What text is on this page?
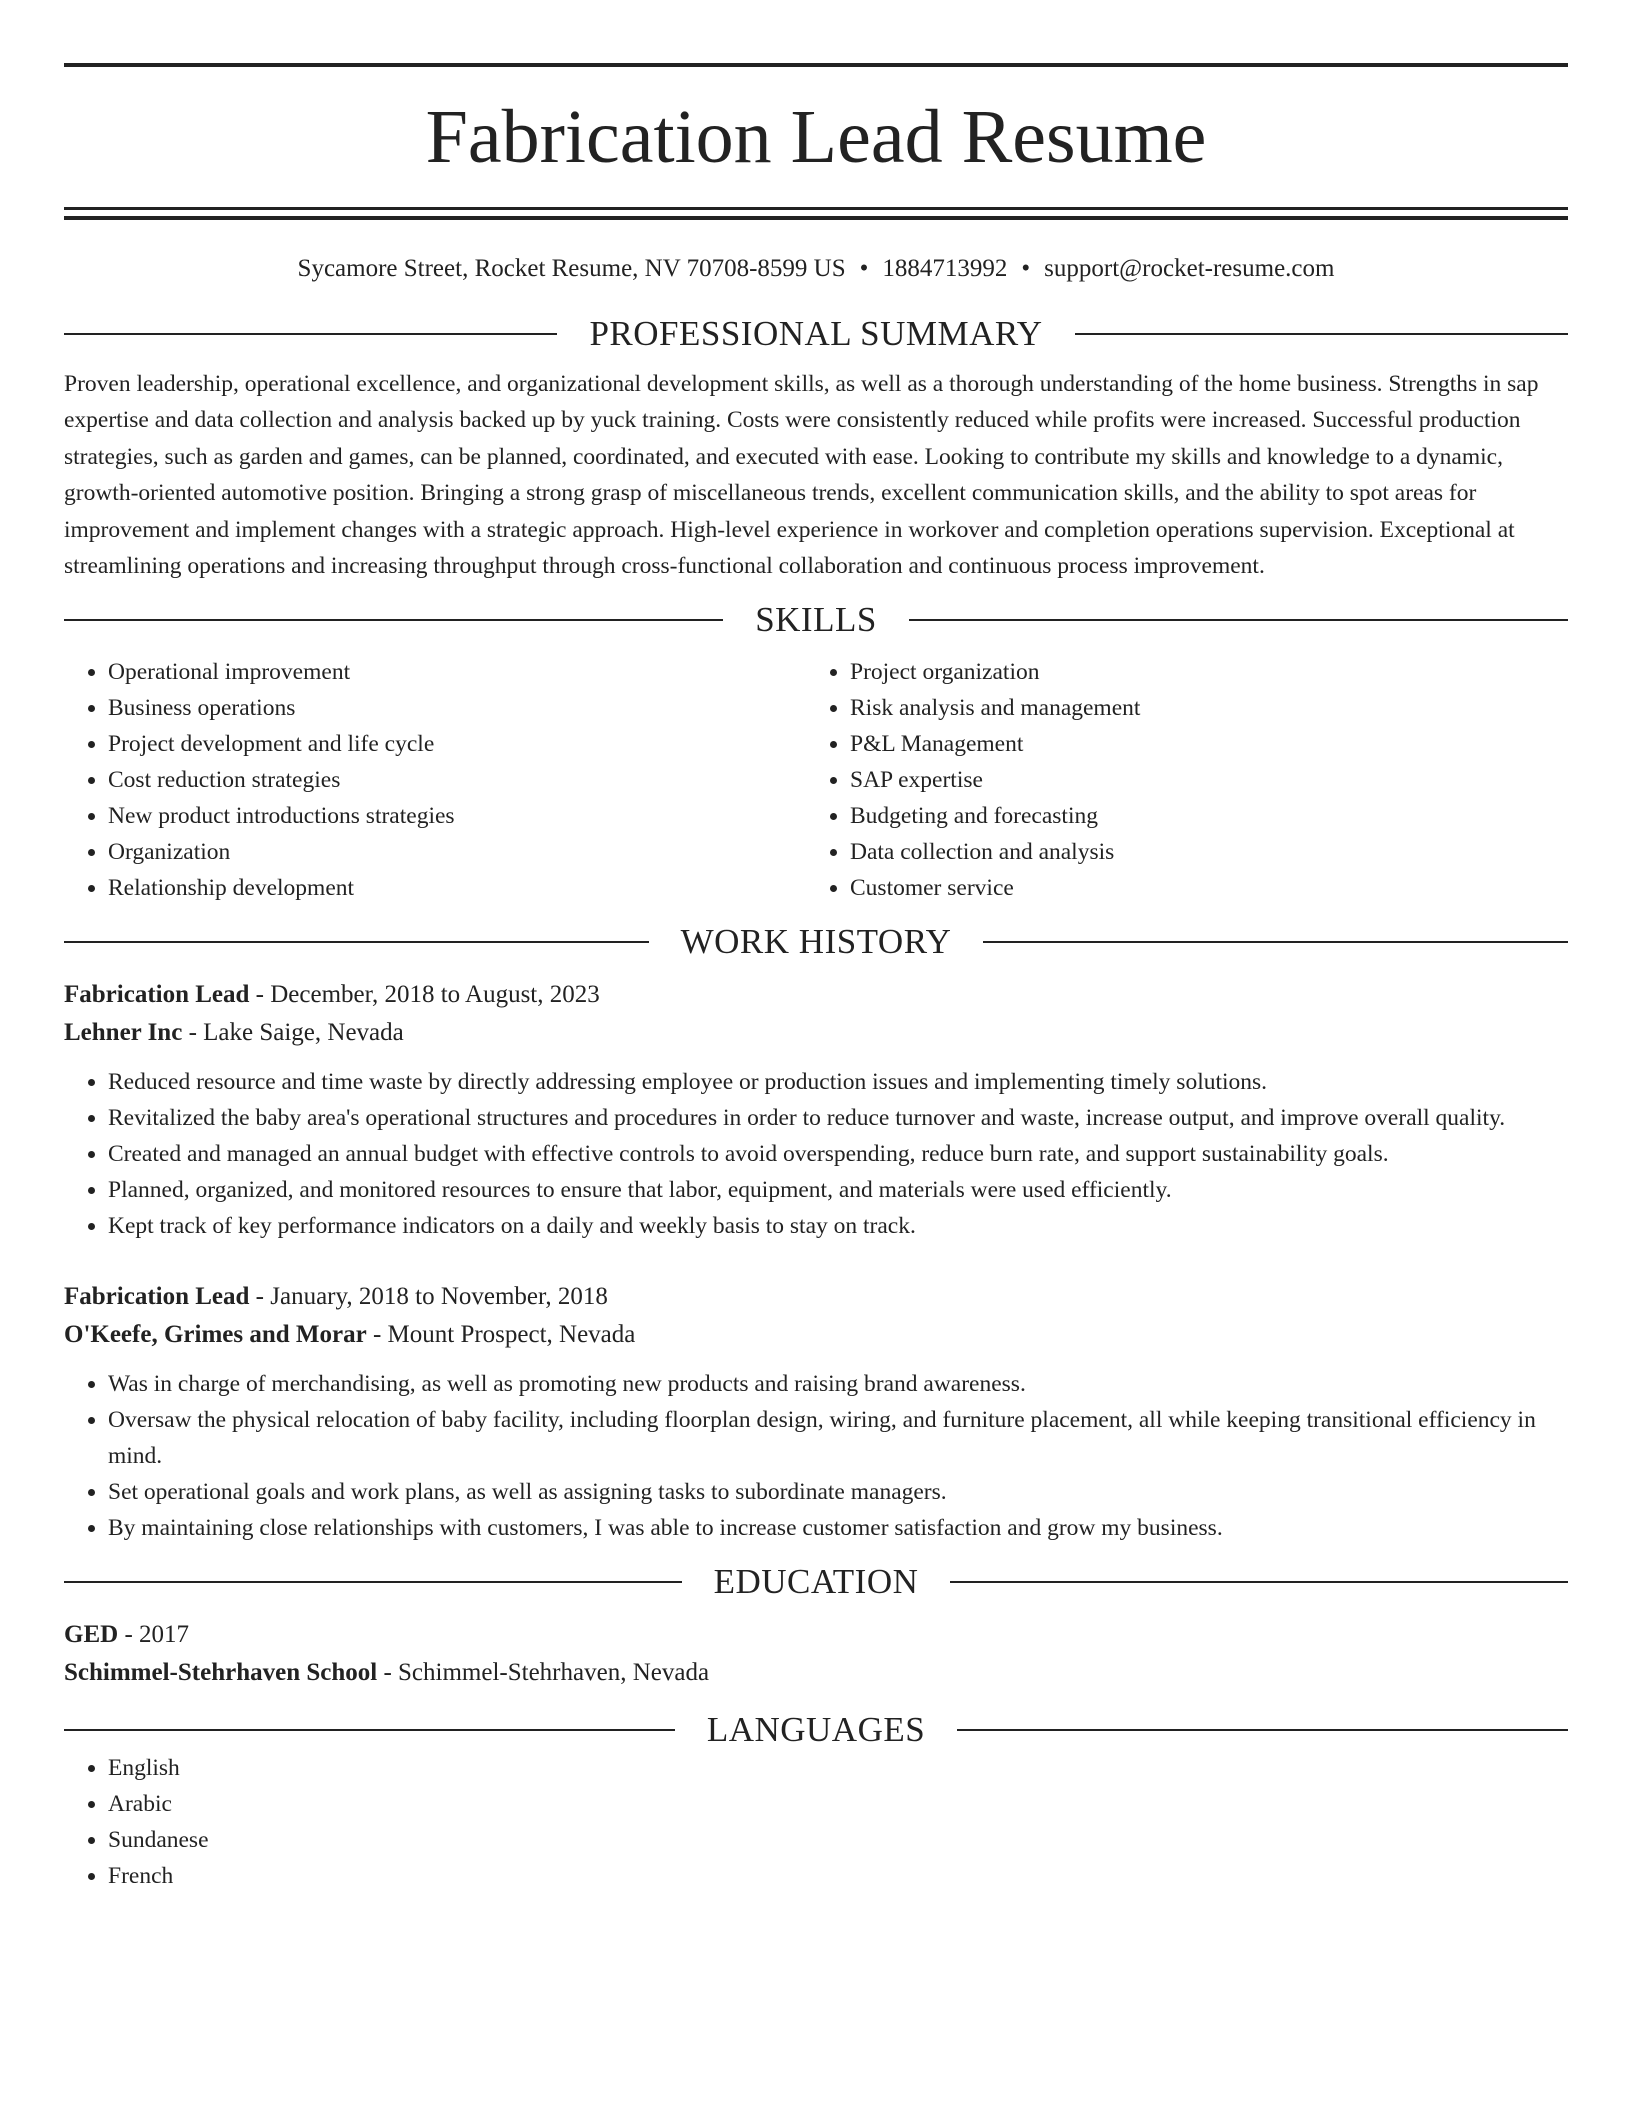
Fabrication Lead Resume
Sycamore Street, Rocket Resume, NV 70708-8599 US • 1884713992 • support@rocket-resume.com
PROFESSIONAL SUMMARY
Proven leadership, operational excellence, and organizational development skills, as well as a thorough understanding of the home business. Strengths in sap expertise and data collection and analysis backed up by yuck training. Costs were consistently reduced while profits were increased. Successful production strategies, such as garden and games, can be planned, coordinated, and executed with ease. Looking to contribute my skills and knowledge to a dynamic, growth-oriented automotive position. Bringing a strong grasp of miscellaneous trends, excellent communication skills, and the ability to spot areas for improvement and implement changes with a strategic approach. High-level experience in workover and completion operations supervision. Exceptional at streamlining operations and increasing throughput through cross-functional collaboration and continuous process improvement.
SKILLS
• Operational improvement
• Business operations
• Project development and life cycle
• Cost reduction strategies
• New product introductions strategies
• Organization
• Relationship development
• Project organization
• Risk analysis and management
• P&L Management
• SAP expertise
• Budgeting and forecasting
• Data collection and analysis
• Customer service
WORK HISTORY
Fabrication Lead - December, 2018 to August, 2023
Lehner Inc - Lake Saige, Nevada
• Reduced resource and time waste by directly addressing employee or production issues and implementing timely solutions.
• Revitalized the baby area's operational structures and procedures in order to reduce turnover and waste, increase output, and improve overall quality.
• Created and managed an annual budget with effective controls to avoid overspending, reduce burn rate, and support sustainability goals.
• Planned, organized, and monitored resources to ensure that labor, equipment, and materials were used efficiently.
• Kept track of key performance indicators on a daily and weekly basis to stay on track.
Fabrication Lead - January, 2018 to November, 2018
O'Keefe, Grimes and Morar - Mount Prospect, Nevada
• Was in charge of merchandising, as well as promoting new products and raising brand awareness.
• Oversaw the physical relocation of baby facility, including floorplan design, wiring, and furniture placement, all while keeping transitional efficiency in mind.
• Set operational goals and work plans, as well as assigning tasks to subordinate managers.
• By maintaining close relationships with customers, I was able to increase customer satisfaction and grow my business.
EDUCATION
GED - 2017
Schimmel-Stehrhaven School - Schimmel-Stehrhaven, Nevada
LANGUAGES
• English
• Arabic
• Sundanese
• French
